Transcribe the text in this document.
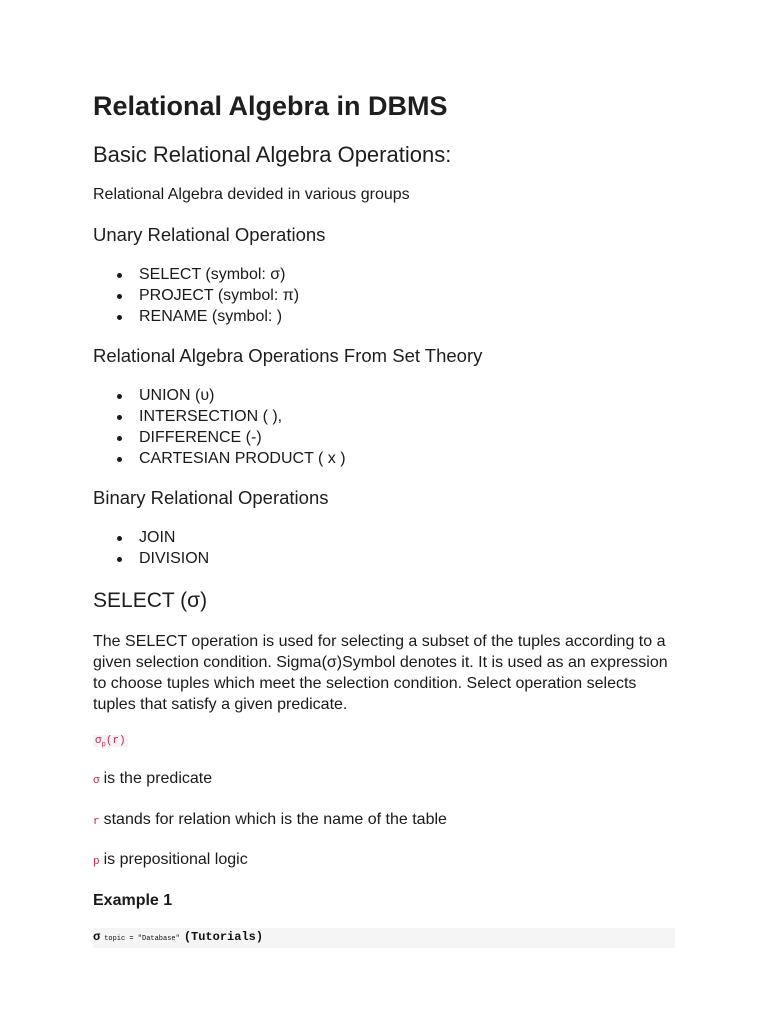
Relational Algebra in DBMS
Basic Relational Algebra Operations:

Relational Algebra devided in various groups

Unary Relational Operations
SELECT (symbol: σ)
PROJECT (symbol: π)
RENAME (symbol: )
Relational Algebra Operations From Set Theory
UNION (υ)
INTERSECTION ( ),
DIFFERENCE (-)
CARTESIAN PRODUCT ( x )
Binary Relational Operations
JOIN
DIVISION
SELECT (σ)

The SELECT operation is used for selecting a subset of the tuples according to a given selection condition. Sigma(σ)Symbol denotes it. It is used as an expression to choose tuples which meet the selection condition. Select operation selects tuples that satisfy a given predicate.

$\sigma_p(r)$

σ is the predicate

r stands for relation which is the name of the table

p is prepositional logic

Example 1

σtopic = "Database" (Tutorials)
